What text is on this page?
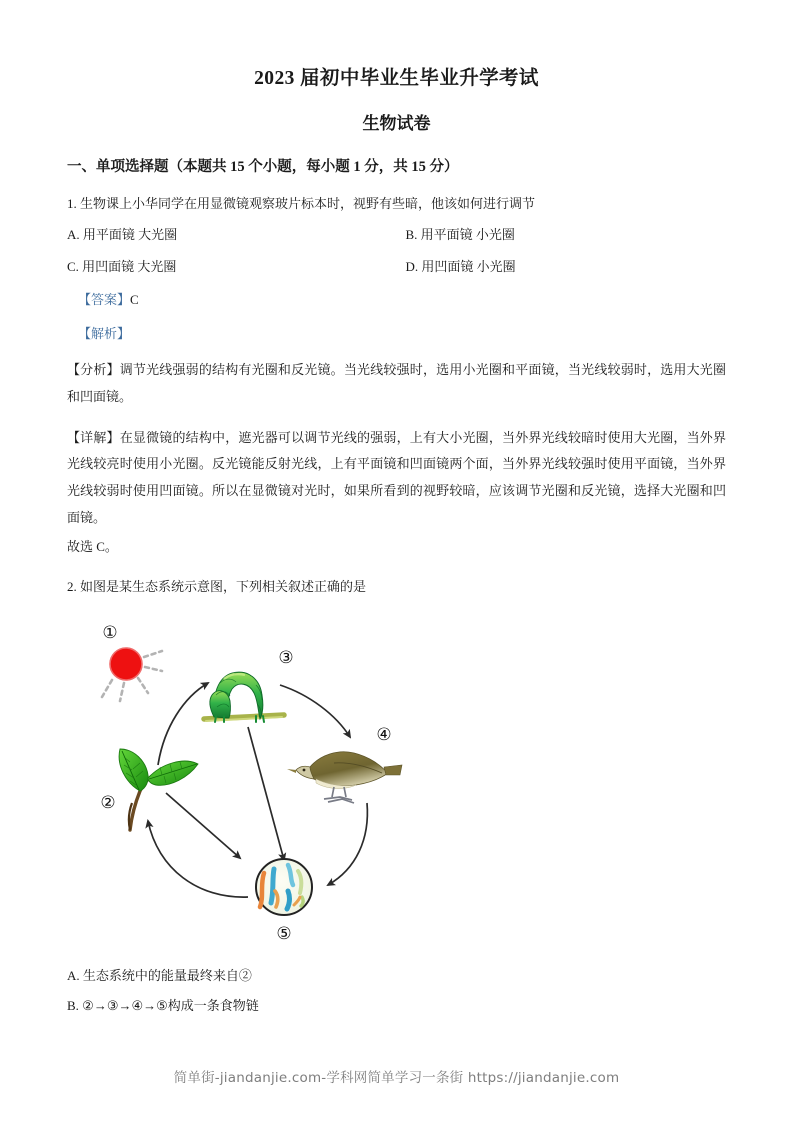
2023 届初中毕业生毕业升学考试
生物试卷

一、单项选择题（本题共 15 个小题，每小题 1 分，共 15 分）

1. 生物课上小华同学在用显微镜观察玻片标本时，视野有些暗，他该如何进行调节

A. 用平面镜 大光圈	B. 用平面镜 小光圈
C. 用凹面镜 大光圈	D. 用凹面镜 小光圈

【答案】C

【解析】

【分析】调节光线强弱的结构有光圈和反光镜。当光线较强时，选用小光圈和平面镜，当光线较弱时，选用大光圈和凹面镜。

【详解】在显微镜的结构中，遮光器可以调节光线的强弱，上有大小光圈，当外界光线较暗时使用大光圈，当外界光线较亮时使用小光圈。反光镜能反射光线，上有平面镜和凹面镜两个面，当外界光线较强时使用平面镜，当外界光线较弱时使用凹面镜。所以在显微镜对光时，如果所看到的视野较暗，应该调节光圈和反光镜，选择大光圈和凹面镜。

故选 C。

2. 如图是某生态系统示意图，下列相关叙述正确的是

①
②
③
④
⑤

A. 生态系统中的能量最终来自②

B. ②→③→④→⑤构成一条食物链

简单街-jiandanjie.com-学科网简单学习一条街 https://jiandanjie.com
